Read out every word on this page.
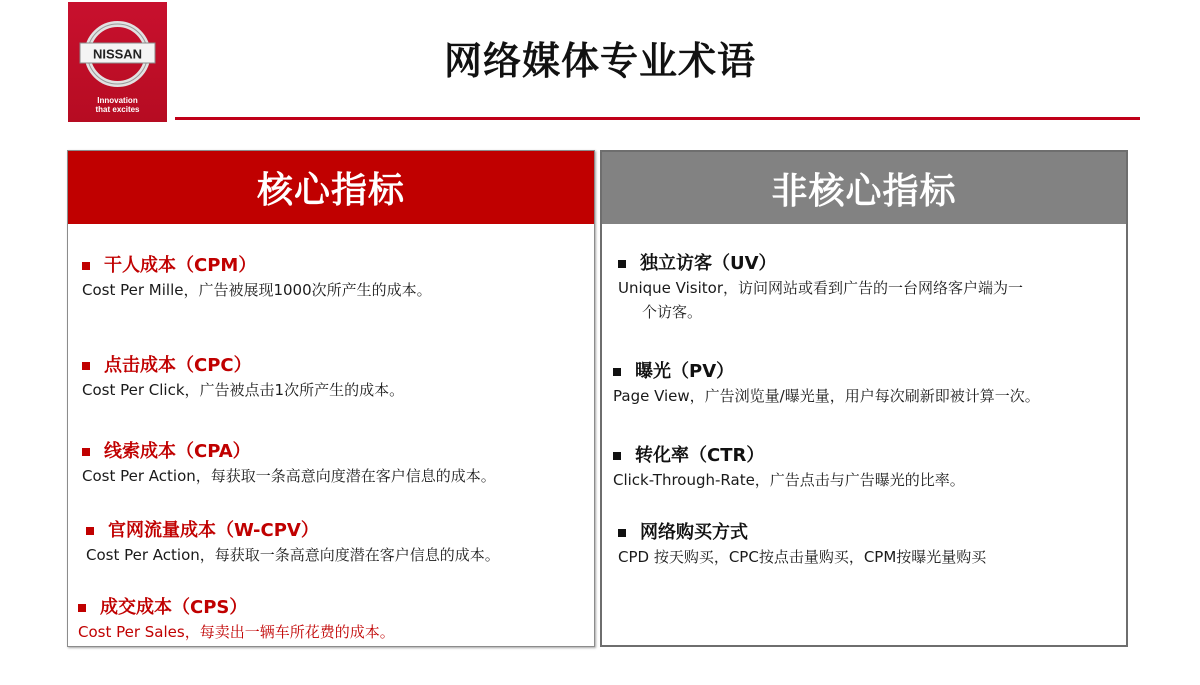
NISSAN
Innovation
that excites
网络媒体专业术语
核心指标
干人成本（CPM）
Cost Per Mille，广告被展现1000次所产生的成本。
点击成本（CPC）
Cost Per Click，广告被点击1次所产生的成本。
线索成本（CPA）
Cost Per Action，每获取一条高意向度潜在客户信息的成本。
官网流量成本（W-CPV）
Cost Per Action，每获取一条高意向度潜在客户信息的成本。
成交成本（CPS）
Cost Per Sales，每卖出一辆车所花费的成本。
非核心指标
独立访客（UV）
Unique Visitor，访问网站或看到广告的一台网络客户端为一
个访客。
曝光（PV）
Page View，广告浏览量/曝光量，用户每次刷新即被计算一次。
转化率（CTR）
Click-Through-Rate，广告点击与广告曝光的比率。
网络购买方式
CPD 按天购买，CPC按点击量购买，CPM按曝光量购买
